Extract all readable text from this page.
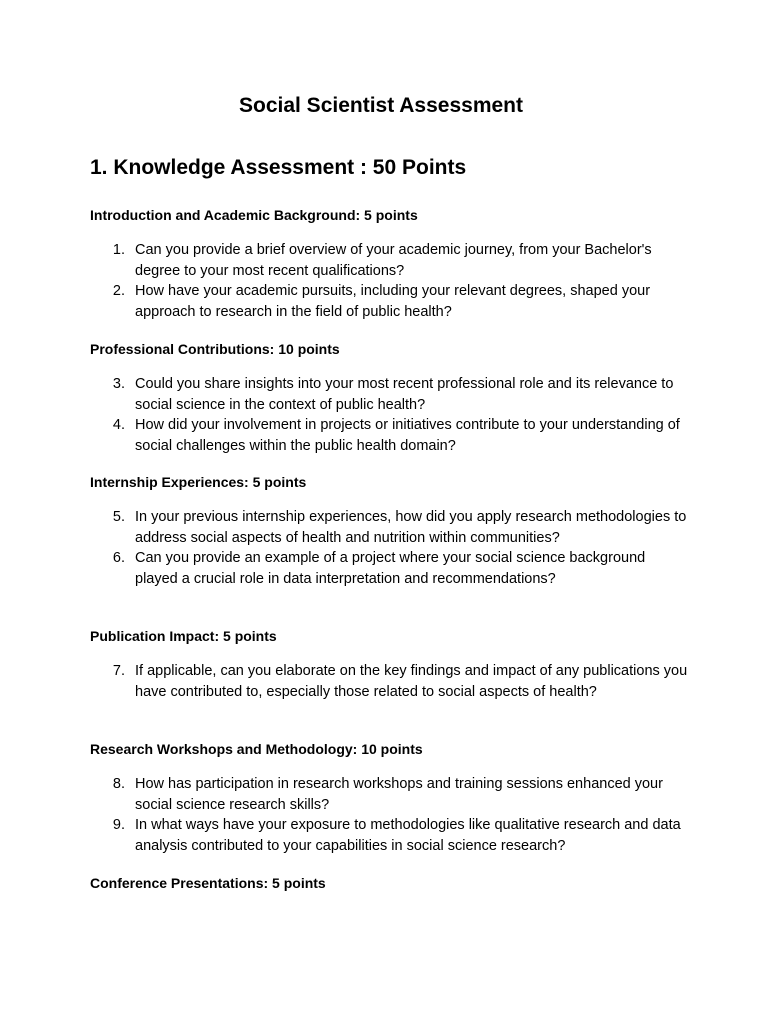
Social Scientist Assessment
1. Knowledge Assessment : 50 Points
Introduction and Academic Background: 5 points
1. Can you provide a brief overview of your academic journey, from your Bachelor's degree to your most recent qualifications?
2. How have your academic pursuits, including your relevant degrees, shaped your approach to research in the field of public health?
Professional Contributions: 10 points
3. Could you share insights into your most recent professional role and its relevance to social science in the context of public health?
4. How did your involvement in projects or initiatives contribute to your understanding of social challenges within the public health domain?
Internship Experiences: 5 points
5. In your previous internship experiences, how did you apply research methodologies to address social aspects of health and nutrition within communities?
6. Can you provide an example of a project where your social science background played a crucial role in data interpretation and recommendations?
Publication Impact: 5 points
7. If applicable, can you elaborate on the key findings and impact of any publications you have contributed to, especially those related to social aspects of health?
Research Workshops and Methodology: 10 points
8. How has participation in research workshops and training sessions enhanced your social science research skills?
9. In what ways have your exposure to methodologies like qualitative research and data analysis contributed to your capabilities in social science research?
Conference Presentations: 5 points
